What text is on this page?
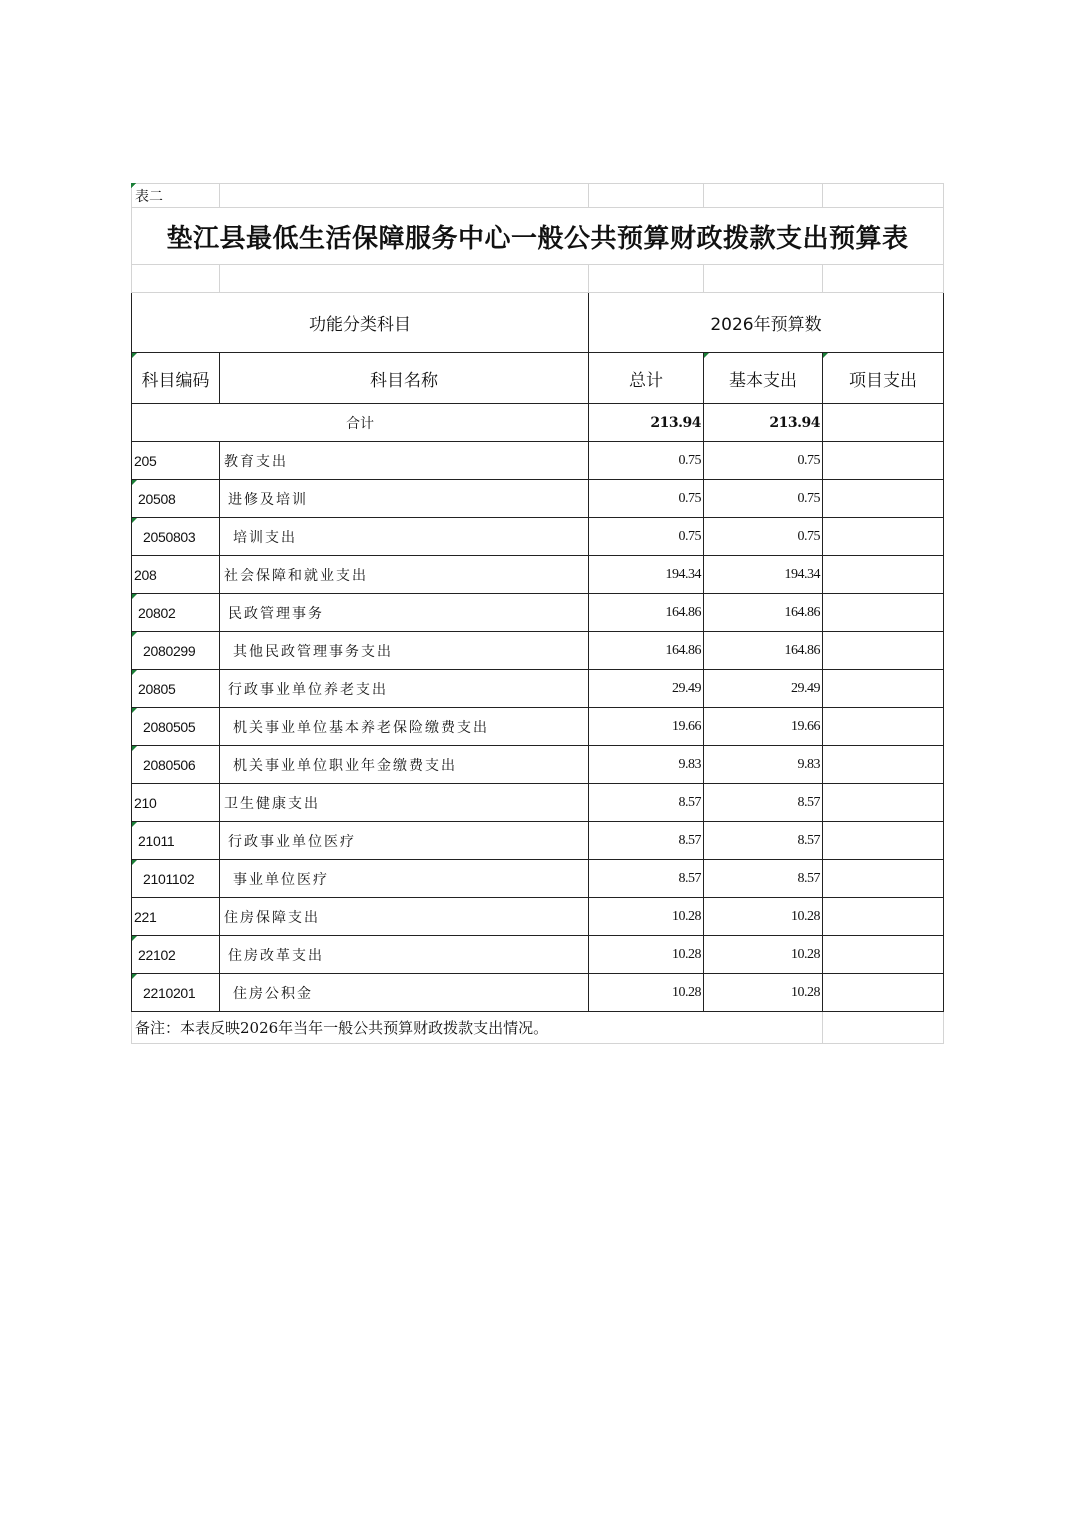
表二				
垫江县最低生活保障服务中心一般公共预算财政拨款支出预算表				

功能分类科目		2026年预算数		

科目编码	科目名称	总计	基本支出	项目支出
合计		213.94	213.94	
205	教育支出	0.75	0.75	

20508	进修及培训	0.75	0.75	

2050803	培训支出	0.75	0.75	
208	社会保障和就业支出	194.34	194.34	

20802	民政管理事务	164.86	164.86	

2080299	其他民政管理事务支出	164.86	164.86	

20805	行政事业单位养老支出	29.49	29.49	

2080505	机关事业单位基本养老保险缴费支出	19.66	19.66	

2080506	机关事业单位职业年金缴费支出	9.83	9.83	
210	卫生健康支出	8.57	8.57	

21011	行政事业单位医疗	8.57	8.57	

2101102	事业单位医疗	8.57	8.57	
221	住房保障支出	10.28	10.28	

22102	住房改革支出	10.28	10.28	

2210201	住房公积金	10.28	10.28	
备注：本表反映2026年当年一般公共预算财政拨款支出情况。				
